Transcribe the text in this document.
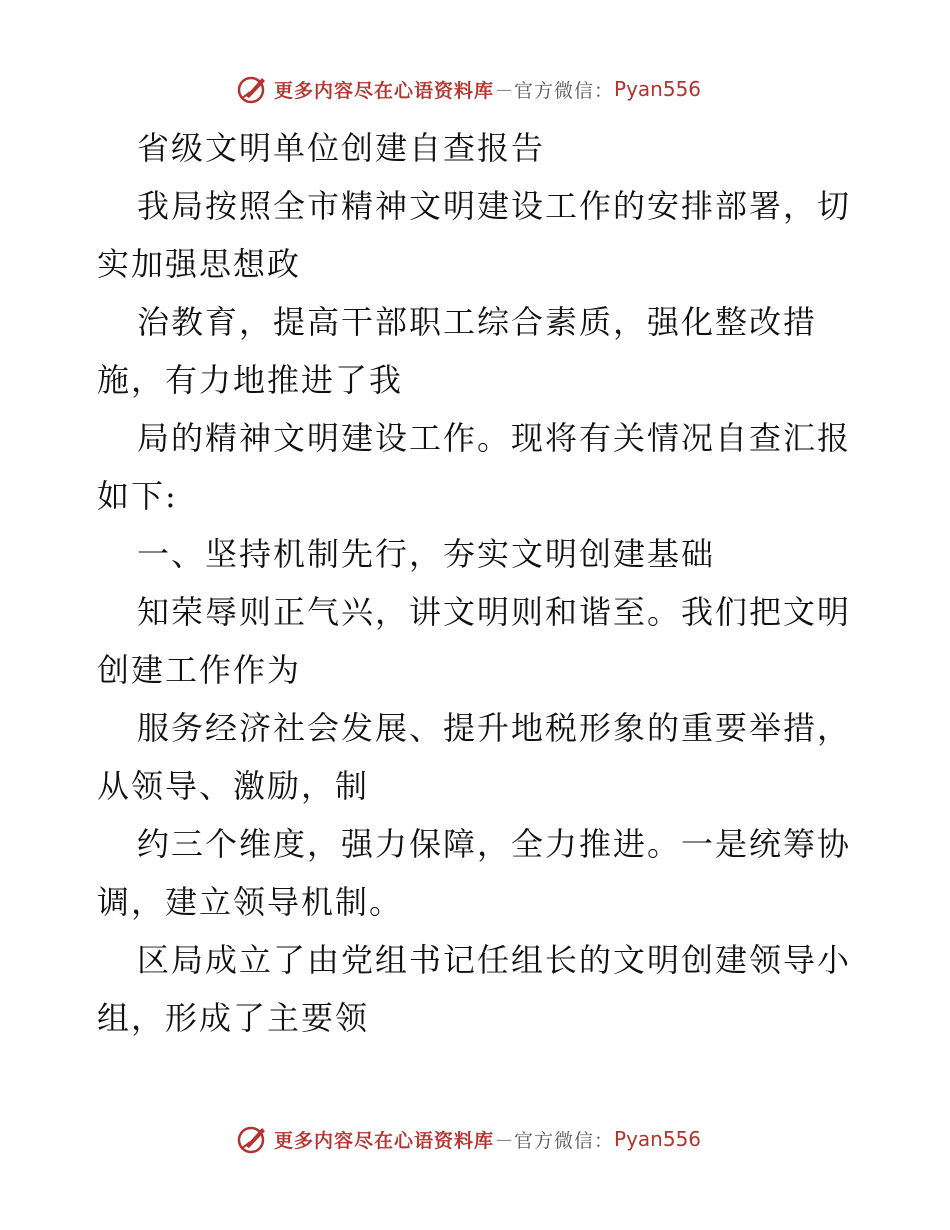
更多内容尽在心语资料库 — 官方微信： Pyan556
省级文明单位创建自查报告
我局按照全市精神文明建设工作的安排部署，切
实加强思想政
治教育，提高干部职工综合素质，强化整改措
施，有力地推进了我
局的精神文明建设工作。现将有关情况自查汇报
如下:
一、坚持机制先行，夯实文明创建基础
知荣辱则正气兴，讲文明则和谐至。我们把文明
创建工作作为
服务经济社会发展、提升地税形象的重要举措，
从领导、激励，制
约三个维度，强力保障，全力推进。一是统筹协
调，建立领导机制。
区局成立了由党组书记任组长的文明创建领导小
组，形成了主要领
更多内容尽在心语资料库 — 官方微信： Pyan556
